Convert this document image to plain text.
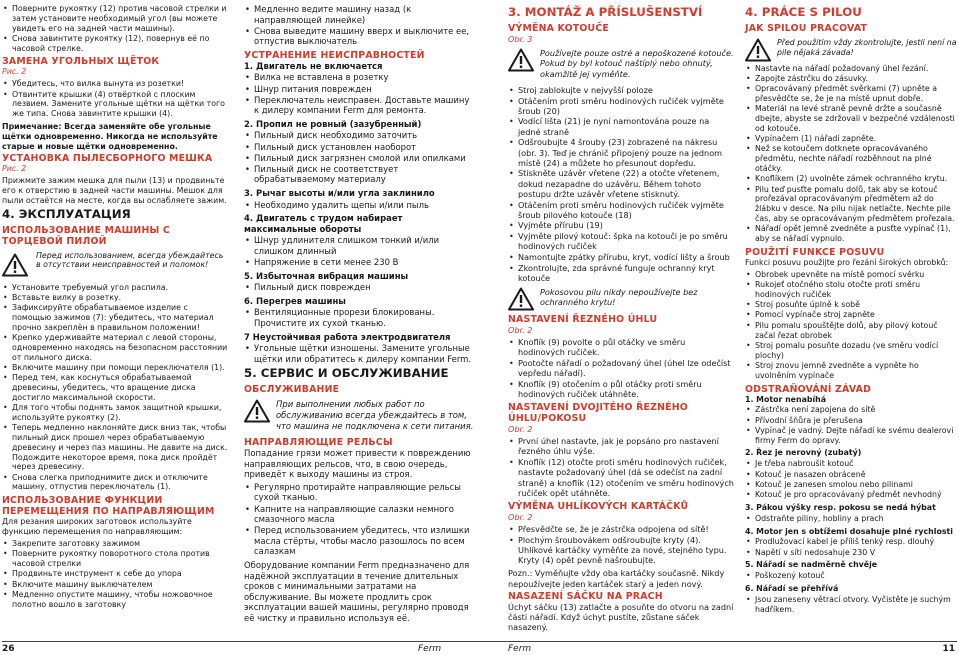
• Поверните рукоятку (12) против часовой стрелки и затем установите необходимый угол (вы можете увидеть его на задней части машины).
• Снова завинтите рукоятку (12), повернув её по часовой стрелке.
ЗАМЕНА УГОЛЬНЫХ ЩЁТОК
Рис. 2
• Убедитесь, что вилка вынута из розетки!
• Отвинтите крышки (4) отвёрткой с плоским лезвием. Замените угольные щётки на щётки того же типа. Снова завинтите крышки (4).
Примечание: Всегда заменяйте обе угольные щётки одновременно. Никогда не используйте старые и новые щётки одновременно.
УСТАНОВКА ПЫЛЕСБОРНОГО МЕШКА
Рис. 2
Прижмите зажим мешка для пыли (13) и продвиньте его к отверстию в задней части машины. Мешок для пыли остаётся на месте, когда вы ослабляете зажим.
4. ЭКСПЛУАТАЦИЯ
ИСПОЛЬЗОВАНИЕ МАШИНЫ С ТОРЦЕВОЙ ПИЛОЙ
Перед использованием, всегда убеждайтесь в отсутствии неисправностей и поломок!
• Установите требуемый угол распила.
• Вставьте вилку в розетку.
• Зафиксируйте обрабатываемое изделие с помощью зажимов (7): убедитесь, что материал прочно закреплён в правильном положении!
• Крепко удерживайте материал с левой стороны, одновременно находясь на безопасном расстоянии от пильного диска.
• Включите машину при помощи переключателя (1).
• Перед тем, как коснуться обрабатываемой древесины, убедитесь, что вращение диска достигло максимальной скорости.
• Для того чтобы поднять замок защитной крышки, используйте рукоятку (2).
• Теперь медленно наклоняйте диск вниз так, чтобы пильный диск прошел через обрабатываемую древесину и через паз машины. Не давите на диск. Подождите некоторое время, пока диск пройдёт через древесину.
• Снова слегка приподнимите диск и отключите машину, отпустив переключатель (1).
ИСПОЛЬЗОВАНИЕ ФУНКЦИИ ПЕРЕМЕЩЕНИЯ ПО НАПРАВЛЯЮЩИМ
Для резания широких заготовок используйте функцию перемещения по направляющим:
• Закрепите заготовку зажимом
• Поверните рукоятку поворотного стола против часовой стрелки
• Продвиньте инструмент к себе до упора
• Включите машину выключателем
• Медленно опустите машину, чтобы ножовочное полотно вошло в заготовку
• Медленно ведите машину назад (к направляющей линейке)
• Снова выведите машину вверх и выключите ее, отпустив выключатель
УСТРАНЕНИЕ НЕИСПРАВНОСТЕЙ
1. Двигатель не включается
• Вилка не вставлена в розетку
• Шнур питания поврежден
• Переключатель неисправен. Доставьте машину к дилеру компании Ferm для ремонта.
2. Пропил не ровный (зазубренный)
• Пильный диск необходимо заточить
• Пильный диск установлен наоборот
• Пильный диск загрязнен смолой или опилками
• Пильный диск не соответствует обрабатываемому материалу
3. Рычаг высоты и/или угла заклинило
• Необходимо удалить щепы и/или пыль
4. Двигатель с трудом набирает максимальные обороты
• Шнур удлинителя слишком тонкий и/или слишком длинный
• Напряжение в сети менее 230 В
5. Избыточная вибрация машины
• Пильный диск поврежден
6. Перегрев машины
• Вентиляционные прорези блокированы. Прочистите их сухой тканью.
7 Неустойчивая работа электродвигателя
• Угольные щётки изношены. Замените угольные щётки или обратитесь к дилеру компании Ferm.
5. СЕРВИС И ОБСЛУЖИВАНИЕ
ОБСЛУЖИВАНИЕ
При выполнении любых работ по обслуживанию всегда убеждайтесь в том, что машина не подключена к сети питания.
НАПРАВЛЯЮЩИЕ РЕЛЬСЫ
Попадание грязи может привести к повреждению направляющих рельсов, что, в свою очередь, приведёт к выходу машины из строя.
• Регулярно протирайте направляющие рельсы сухой тканью.
• Капните на направляющие салазки немного смазочного масла
• Перед использованием убедитесь, что излишки масла стёрты, чтобы масло разошлось по всем салазкам
Оборудование компании Ferm предназначено для надёжной эксплуатации в течение длительных сроков с минимальными затратами на обслуживание. Вы можете продлить срок эксплуатации вашей машины, регулярно проводя её чистку и правильно используя её.
3. MONTÁŽ A PŘÍSLUŠENSTVÍ
VÝMĚNA KOTOUČE
Obr. 3
Používejte pouze ostré a nepoškozené kotouče. Pokud by byl kotouč naštíplý nebo ohnutý, okamžitě jej vyměňte.
• Stroj zablokujte v nejvyšší poloze
• Otáčením proti směru hodinových ručiček vyjměte šroub (20)
• Vodící lišta (21) je nyní namontována pouze na jedné straně
• Odšroubujte 4 šrouby (23) zobrazené na nákresu (obr. 3). Teď je chránič připojený pouze na jednom místě (24) a můžete ho přesunout dopředu.
• Stiskněte uzávěr vřetene (22) a otočte vřetenem, dokud nezapadne do uzávěru. Během tohoto postupu držte uzávěr vřetene stisknutý.
• Otáčením proti směru hodinových ručiček vyjměte šroub pilového kotouče (18)
• Vyjměte přírubu (19)
• Vyjměte pilový kotouč: špka na kotouči je po směru hodinových ručiček
• Namontujte zpátky přírubu, kryt, vodící lišty a šroub
• Zkontrolujte, zda správné funguje ochranný kryt kotouče
Pokosovou pilu nikdy nepoužívejte bez ochranného krytu!
NASTAVENÍ ŘEZNÉHO ÚHLU
Obr. 2
• Knoflík (9) povolte o půl otáčky ve směru hodinových ručiček.
• Pootočte nářadí o požadovaný úhel (úhel lze odečíst vepředu nářadí).
• Knoflík (9) otočením o půl otáčky proti směru hodinových ručiček utáhněte.
NASTAVENÍ DVOJITÉHO ŘEZNÉHO ÚHLU/POKOSU
Obr. 2
• První úhel nastavte, jak je popsáno pro nastavení řezného úhlu výše.
• Knoflík (12) otočte proti směru hodinových ručiček, nastavte požadovaný úhel (dá se odečíst na zadní straně) a knoflík (12) otočením ve směru hodinových ručiček opět utáhněte.
VÝMĚNA UHLÍKOVÝCH KARTÁČKŮ
Obr. 2
• Přesvědčte se, že je zástrčka odpojena od sítě!
• Plochým šroubovákem odšroubujte kryty (4). Uhlíkové kartáčky vyměňte za nové, stejného typu. Kryty (4) opět pevně našroubujte.
Pozn.: Vyměňujte vždy oba kartáčky současně. Nikdy nepoužívejte jeden kartáček starý a jeden nový.
NASAZENÍ SÁČKU NA PRACH
Úchyt sáčku (13) zatlačte a posuňte do otvoru na zadní části nářadí. Když úchyt pustíte, zůstane sáček nasazený.
4. PRÁCE S PILOU
JAK SPILOU PRACOVAT
Před použitím vždy zkontrolujte, jestli není na pile nějaká závada!
• Nastavte na nářadí požadovaný úhel řezání.
• Zapojte zástrčku do zásuvky.
• Opracovávaný předmět svěrkami (7) upněte a přesvědčte se, že je na místě upnut dobře.
• Materiál na levé straně pevně držte a současně dbejte, abyste se zdržovali v bezpečné vzdálenosti od kotouče.
• Vypínačem (1) nářadí zapněte.
• Než se kotoučem dotknete opracovávaného předmětu, nechte nářadí rozběhnout na plné otáčky.
• Knoflíkem (2) uvolněte zámek ochranného krytu.
• Pilu teď pusťte pomalu dolů, tak aby se kotouč prořezával opracovávaným předmětem až do žlábku v desce. Na pilu nijak netlačte. Nechte pile čas, aby se opracovávaným předmětem prořezala.
• Nářadí opět jemně zvedněte a pusťte vypínač (1), aby se nářadí vypnulo.
POUŽITÍ FUNKCE POSUVU
Funkci posuvu použijte pro řezání širokých obrobků:
• Obrobek upevněte na místě pomocí svěrku
• Rukojeť otočného stolu otočte proti směru hodinových ručiček
• Stroj posuňte úplně k sobě
• Pomocí vypínače stroj zapněte
• Pilu pomalu spouštějte dolů, aby pilový kotouč začal řezat obrobek
• Stroj pomalu posuňte dozadu (ve směru vodící plochy)
• Stroj znovu jemně zvedněte a vypněte ho uvolněním vypínače
ODSTRAŇOVÁNÍ ZÁVAD
1. Motor nenabíhá
• Zástrčka není zapojena do sítě
• Přívodní šňůra je přerušena
• Vypínač je vadný. Dejte nářadí ke svému dealerovi firmy Ferm do opravy.
2. Řez je nerovný (zubatý)
• Je třeba nabroušit kotouč
• Kotouč je nasazen obráceně
• Kotouč je zanesen smolou nebo pilinami
• Kotouč je pro opracovávaný předmět nevhodný
3. Pákou výšky resp. pokosu se nedá hýbat
• Odstraňte piliny, hobliny a prach
4. Motor jen s obtížemi dosahuje plné rychlosti
• Prodlužovací kabel je příliš tenký resp. dlouhý
• Napětí v síti nedosahuje 230 V
5. Nářadí se nadměrně chvěje
• Poškozený kotouč
6. Nářadí se přehřívá
• Jsou zaneseny větrací otvory. Vyčistěte je suchým hadříkem.
26	Ferm	Ferm	11
